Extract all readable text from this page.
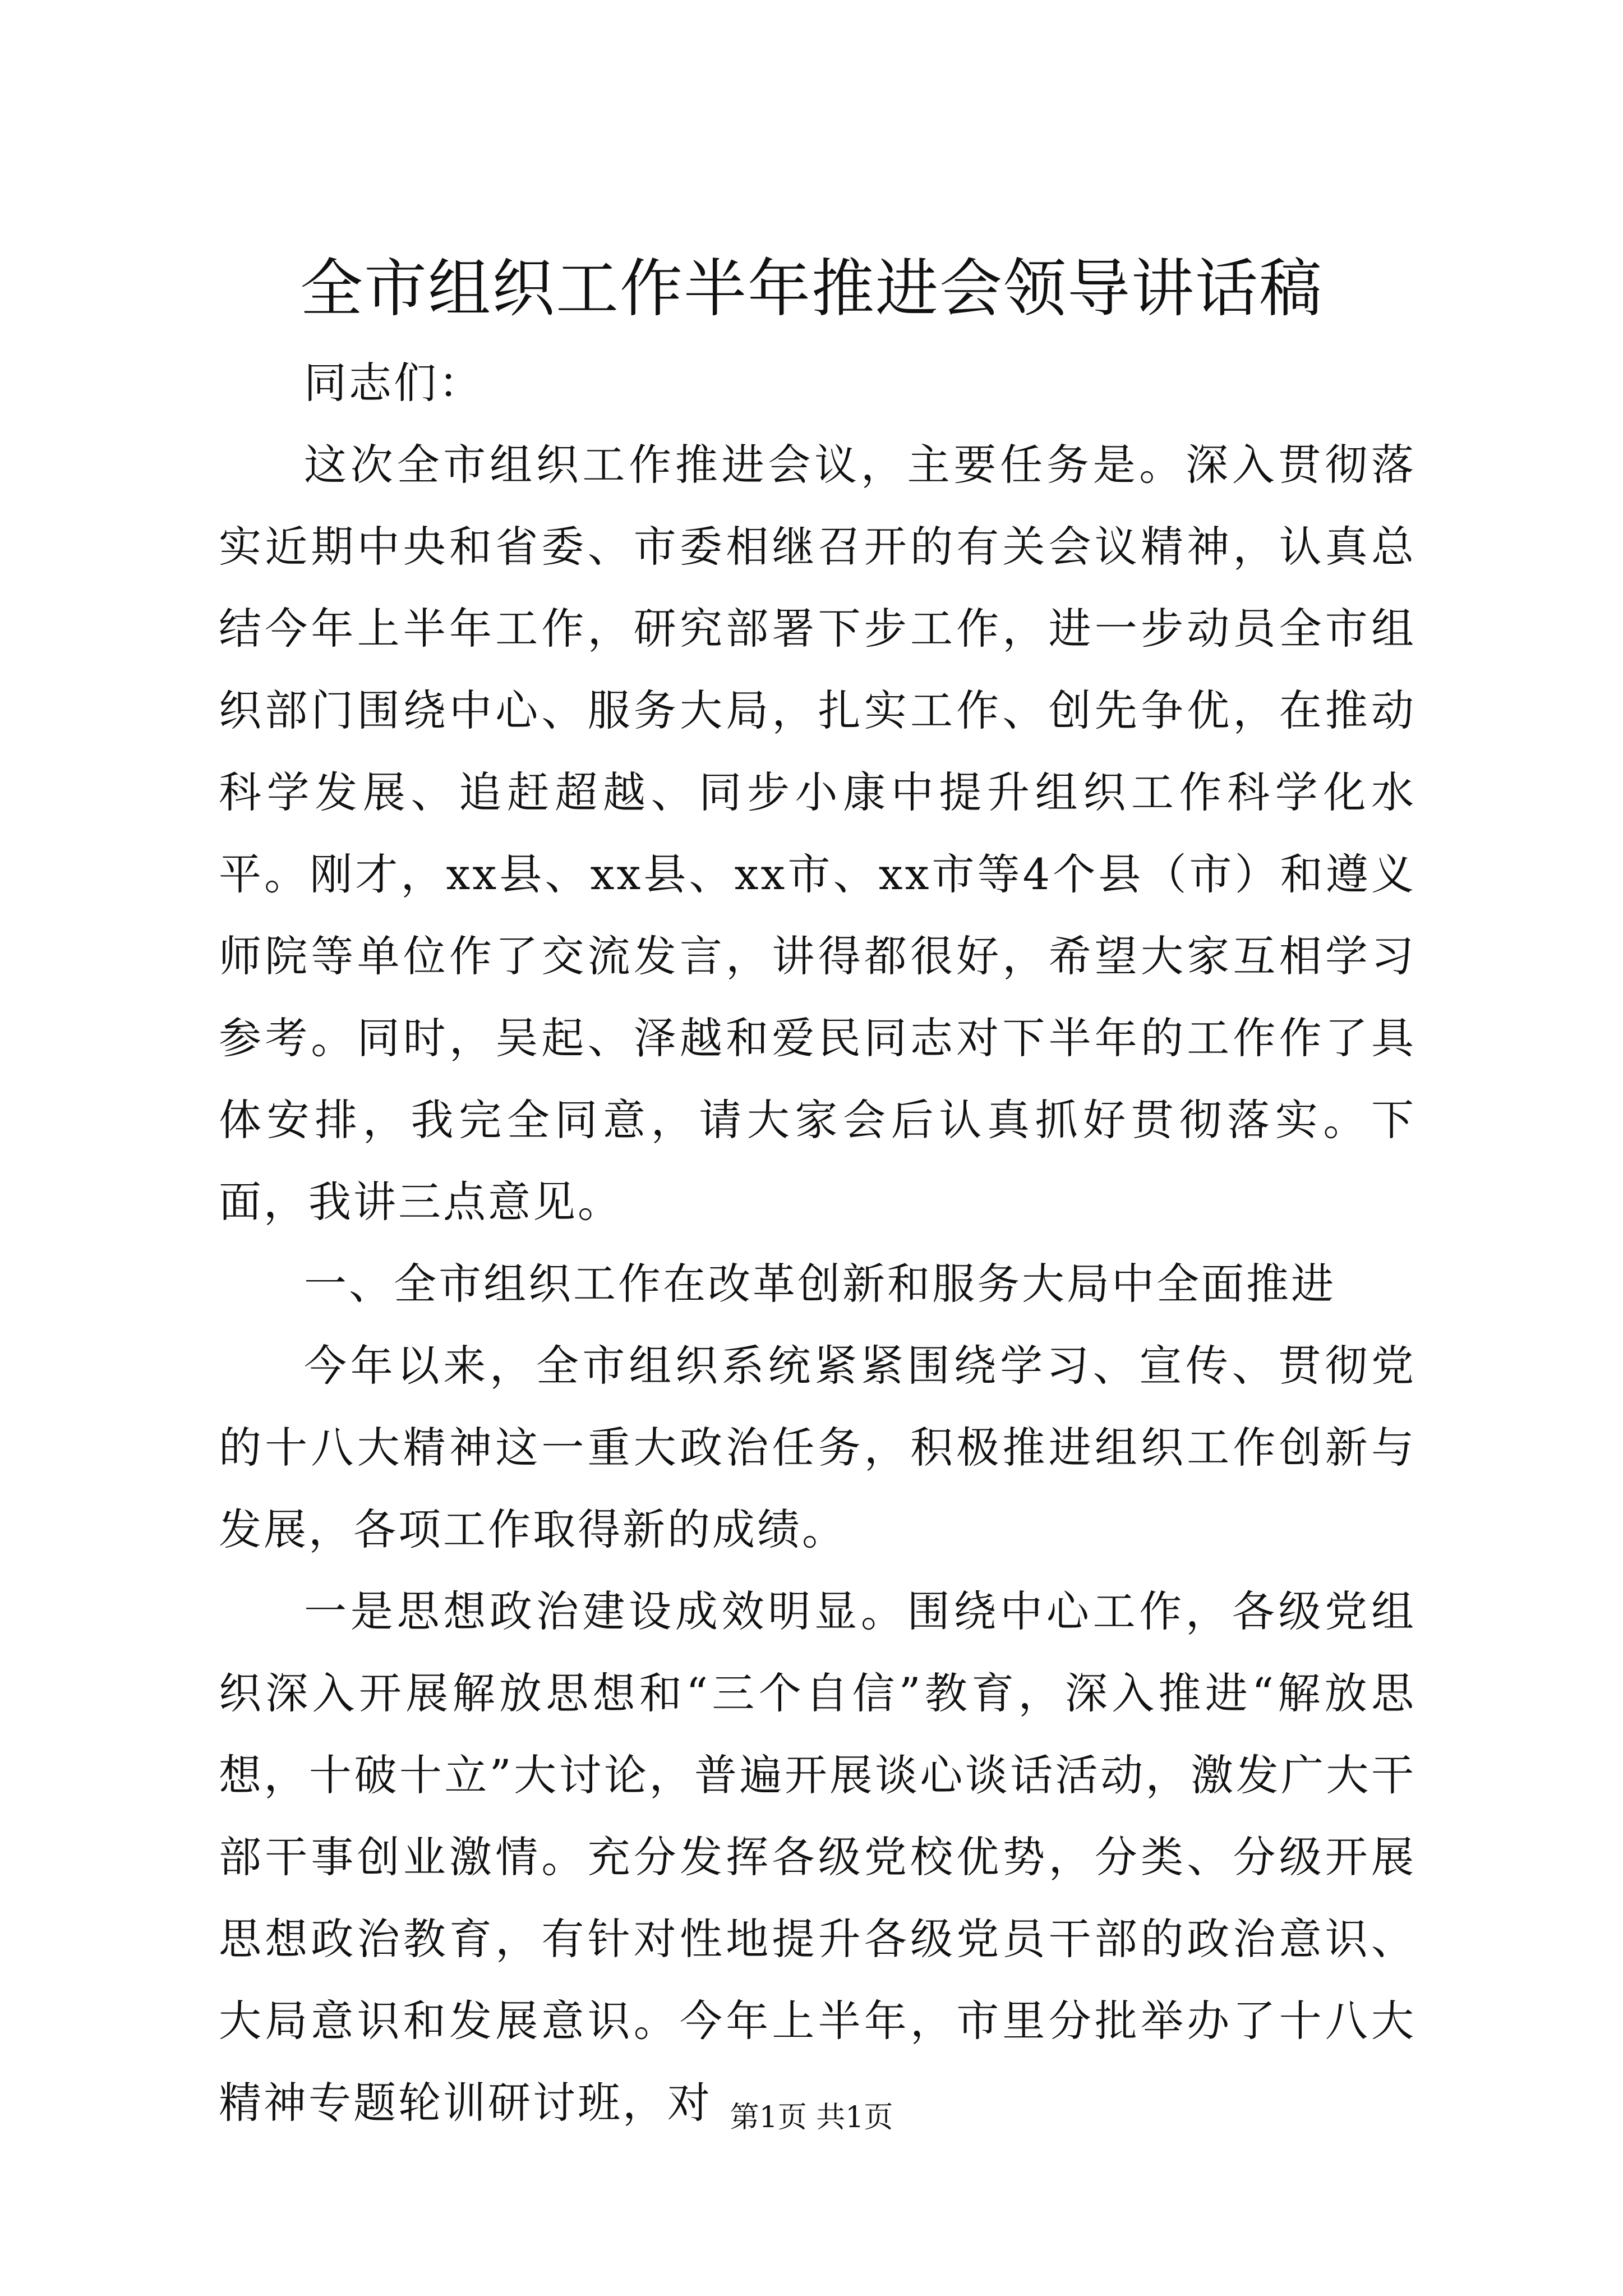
全市组织工作半年推进会领导讲话稿

同志们：

这次全市组织工作推进会议，主要任务是。深入贯彻落实近期中央和省委、市委相继召开的有关会议精神，认真总结今年上半年工作，研究部署下步工作，进一步动员全市组织部门围绕中心、服务大局，扎实工作、创先争优，在推动科学发展、追赶超越、同步小康中提升组织工作科学化水平。刚才，xx县、xx县、xx市、xx市等4个县（市）和遵义师院等单位作了交流发言，讲得都很好，希望大家互相学习参考。同时，吴起、泽越和爱民同志对下半年的工作作了具体安排，我完全同意，请大家会后认真抓好贯彻落实。下面，我讲三点意见。

一、全市组织工作在改革创新和服务大局中全面推进

今年以来，全市组织系统紧紧围绕学习、宣传、贯彻党的十八大精神这一重大政治任务，积极推进组织工作创新与发展，各项工作取得新的成绩。

一是思想政治建设成效明显。围绕中心工作，各级党组织深入开展解放思想和“三个自信”教育，深入推进“解放思想，十破十立”大讨论，普遍开展谈心谈话活动，激发广大干部干事创业激情。充分发挥各级党校优势，分类、分级开展思想政治教育，有针对性地提升各级党员干部的政治意识、大局意识和发展意识。今年上半年，市里分批举办了十八大精神专题轮训研讨班，对 第1页 共1页
